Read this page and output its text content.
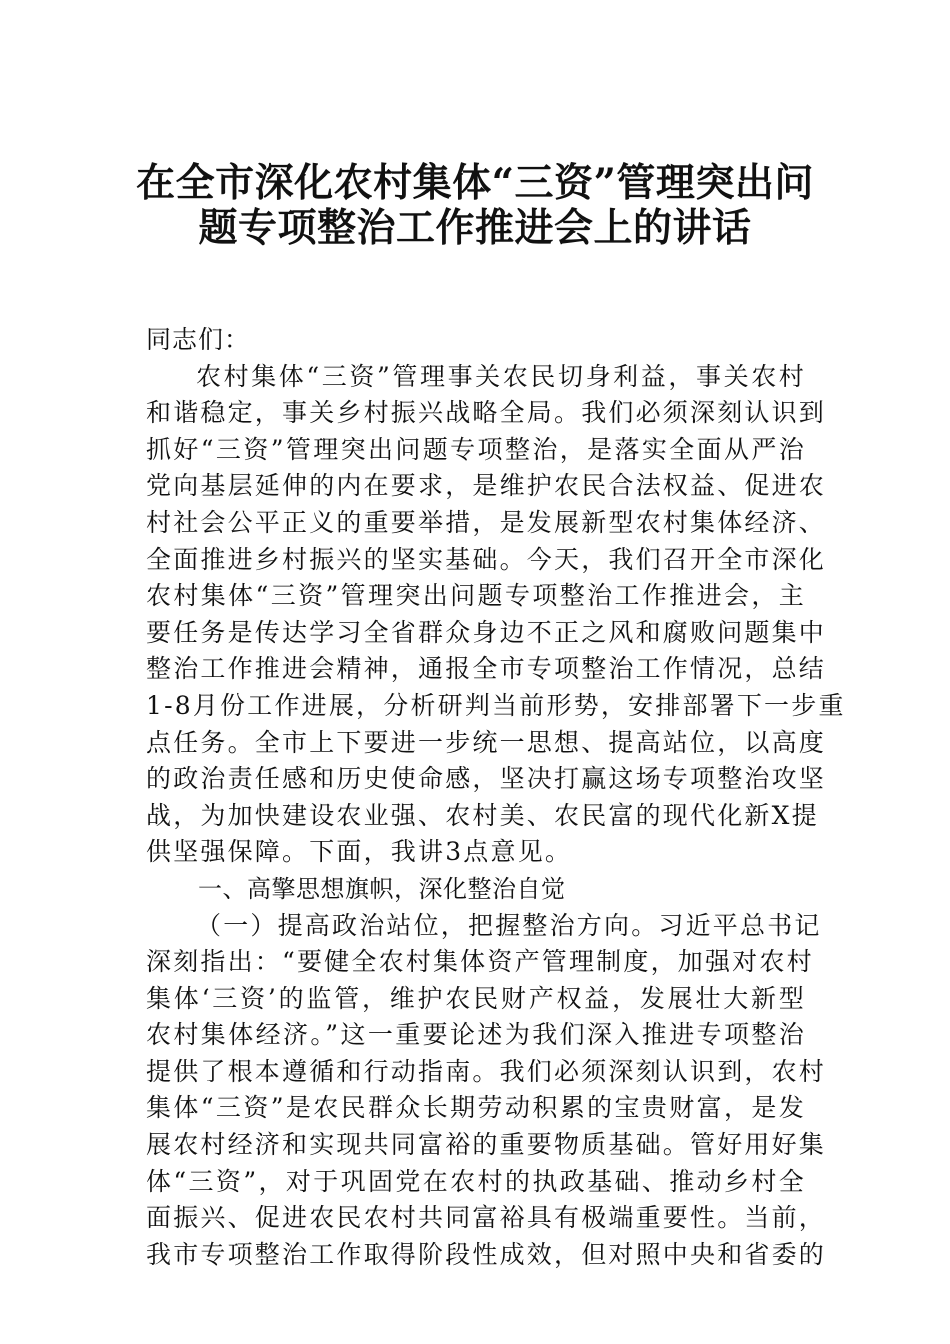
在全市深化农村集体“三资”管理突出问
题专项整治工作推进会上的讲话

同志们：

农村集体“三资”管理事关农民切身利益，事关农村
和谐稳定，事关乡村振兴战略全局。我们必须深刻认识到
抓好“三资”管理突出问题专项整治，是落实全面从严治
党向基层延伸的内在要求，是维护农民合法权益、促进农
村社会公平正义的重要举措，是发展新型农村集体经济、
全面推进乡村振兴的坚实基础。今天，我们召开全市深化
农村集体“三资”管理突出问题专项整治工作推进会，主
要任务是传达学习全省群众身边不正之风和腐败问题集中
整治工作推进会精神，通报全市专项整治工作情况，总结
1-8月份工作进展，分析研判当前形势，安排部署下一步重
点任务。全市上下要进一步统一思想、提高站位，以高度
的政治责任感和历史使命感，坚决打赢这场专项整治攻坚
战，为加快建设农业强、农村美、农民富的现代化新X提
供坚强保障。下面，我讲3点意见。

一、高擎思想旗帜，深化整治自觉

（一）提高政治站位，把握整治方向。习近平总书记
深刻指出：“要健全农村集体资产管理制度，加强对农村
集体‘三资’的监管，维护农民财产权益，发展壮大新型
农村集体经济。”这一重要论述为我们深入推进专项整治
提供了根本遵循和行动指南。我们必须深刻认识到，农村
集体“三资”是农民群众长期劳动积累的宝贵财富，是发
展农村经济和实现共同富裕的重要物质基础。管好用好集
体“三资”，对于巩固党在农村的执政基础、推动乡村全
面振兴、促进农民农村共同富裕具有极端重要性。当前，
我市专项整治工作取得阶段性成效，但对照中央和省委的
